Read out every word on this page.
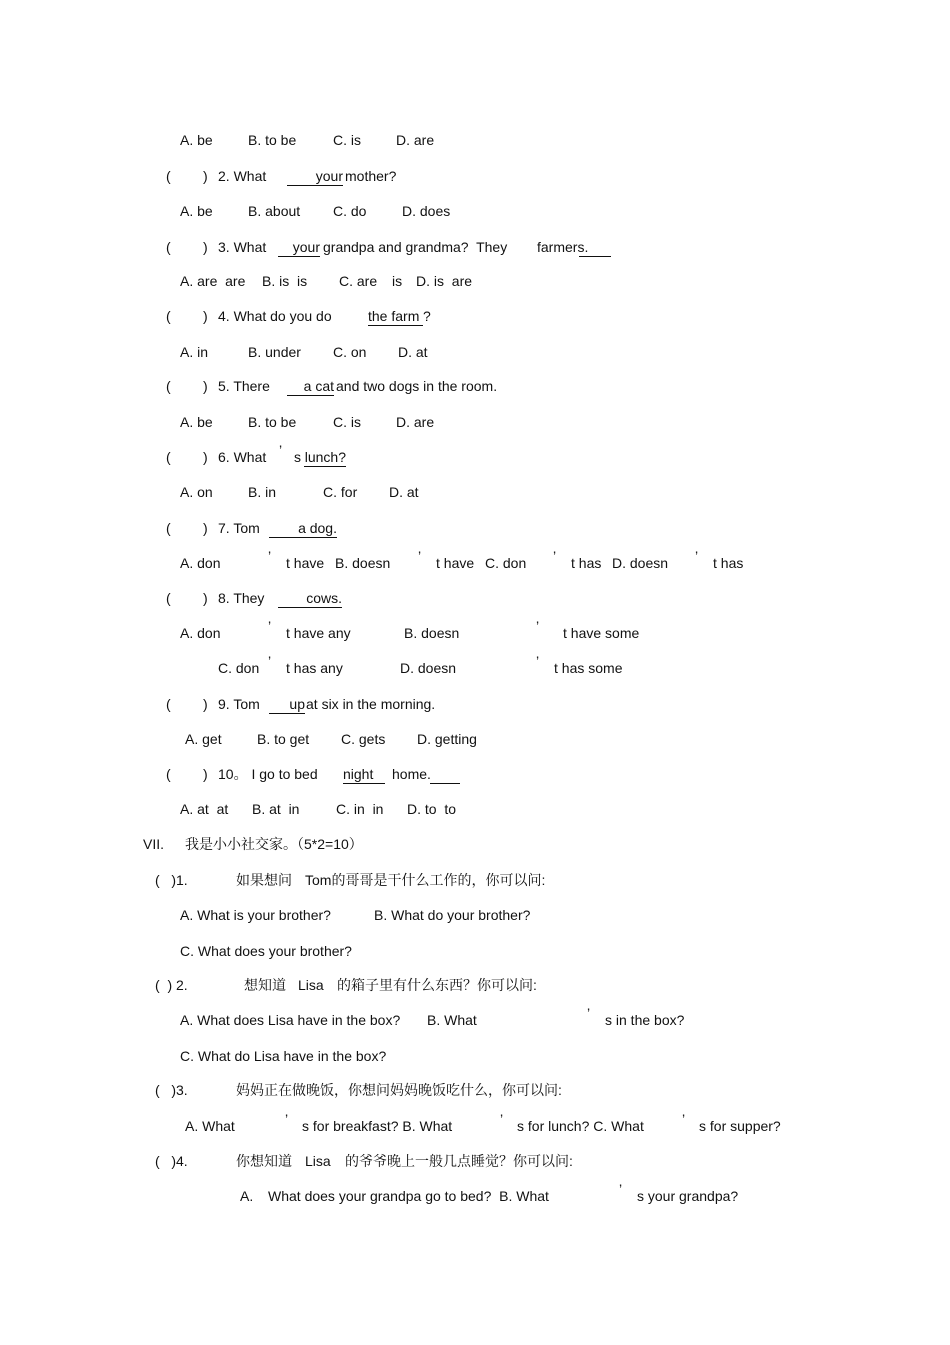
A. be	B. to be	C. is	D. are
( ) 2. What	your mother?
A. be	B. about C. do	D. does
( ) 3. What	your grandpa and grandma?  They farmers.
A. are  are B. is  is C. are is D. is  are
( ) 4. What do you do	the farm ?
A. in	B. under C. on D. at
( ) 5. There	a cat and two dogs in the room.
A. be	B. to be	C. is	D. are
( ) 6. What ’ s lunch?
A. on	B. in	C. for D. at
( ) 7. Tom	a dog.
A. don	’ t have B. doesn ’ t have C. don ’ t has D. doesn ’ t has
( ) 8. They	cows.
A. don	’ t have any	B. doesn	’ t have some
C. don ’ t has any	D. doesn	’ t has some
( ) 9. Tom	up at six in the morning.
A. get	B. to get C. gets D. getting
( ) 10。 I go to bed night	home.
A. at  at B. at  in	C. in  in D. to  to
VII. 我是小小社交家。（5*2=10）
(   )1.	如果想问 Tom的哥哥是干什么工作的，你可以问:
A. What is your brother?	B. What do your brother?
C. What does your brother?
(  ) 2.	想知道 Lisa 的箱子里有什么东西？你可以问:
A. What does Lisa have in the box? B. What	’ s in the box?
C. What do Lisa have in the box?
(   )3.	妈妈正在做晚饭，你想问妈妈晚饭吃什么，你可以问:
A. What	’ s for breakfast? B. What	’ s for lunch? C. What	’ s for supper?
(   )4.	你想知道 Lisa 的爷爷晚上一般几点睡觉？你可以问:
A. What does your grandpa go to bed?  B. What	’ s your grandpa?
